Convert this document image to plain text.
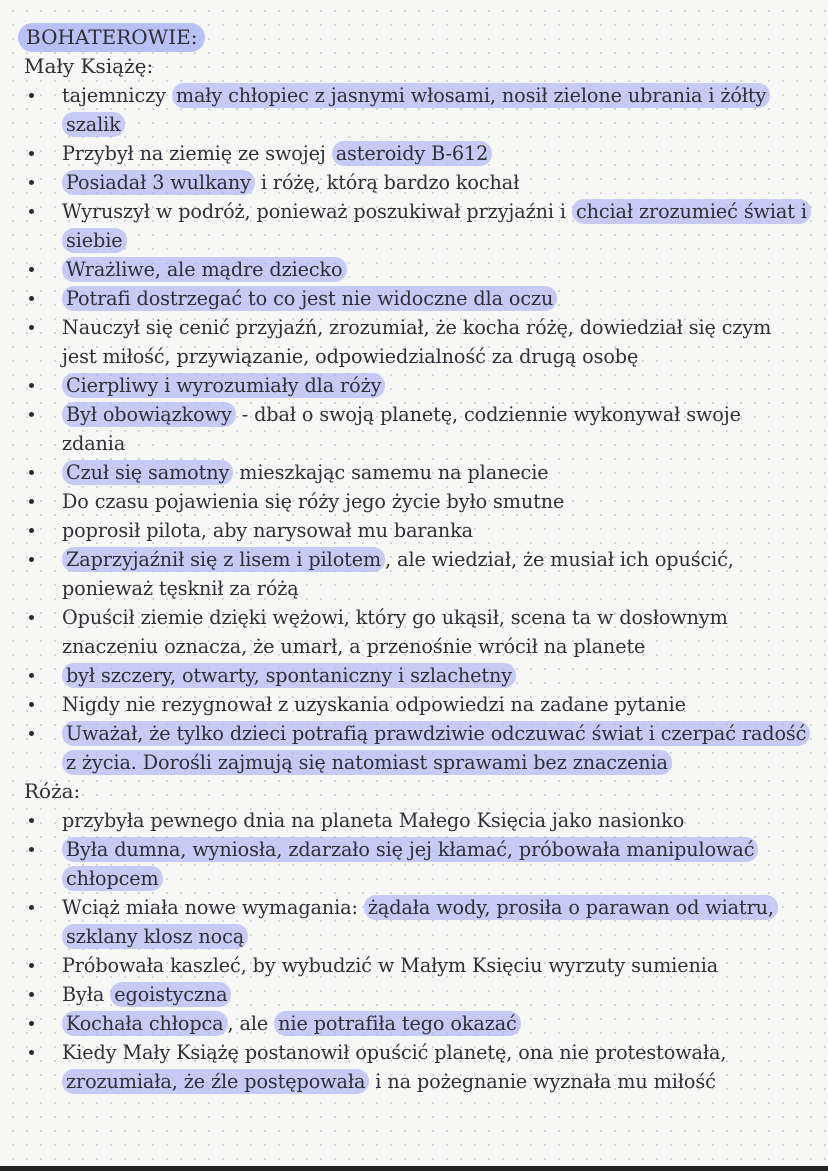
BOHATEROWIE:
Mały Książę:
tajemniczy mały chłopiec z jasnymi włosami, nosił zielone ubrania i żółty szalik
Przybył na ziemię ze swojej asteroidy B-612
Posiadał 3 wulkany i różę, którą bardzo kochał
Wyruszył w podróż, ponieważ poszukiwał przyjaźni i chciał zrozumieć świat i siebie
Wrażliwe, ale mądre dziecko
Potrafi dostrzegać to co jest nie widoczne dla oczu
Nauczył się cenić przyjaźń, zrozumiał, że kocha różę, dowiedział się czym jest miłość, przywiązanie, odpowiedzialność za drugą osobę
Cierpliwy i wyrozumiały dla róży
Był obowiązkowy - dbał o swoją planetę, codziennie wykonywał swoje zdania
Czuł się samotny mieszkając samemu na planecie
Do czasu pojawienia się róży jego życie było smutne
poprosił pilota, aby narysował mu baranka
Zaprzyjaźnił się z lisem i pilotem , ale wiedział, że musiał ich opuścić, ponieważ tęsknił za różą
Opuścił ziemie dzięki wężowi, który go ukąsił, scena ta w dosłownym znaczeniu oznacza, że umarł, a przenośnie wrócił na planete
był szczery, otwarty, spontaniczny i szlachetny
Nigdy nie rezygnował z uzyskania odpowiedzi na zadane pytanie
Uważał, że tylko dzieci potrafią prawdziwie odczuwać świat i czerpać radość z życia. Dorośli zajmują się natomiast sprawami bez znaczenia
Róża:
przybyła pewnego dnia na planeta Małego Księcia jako nasionko
Była dumna, wyniosła, zdarzało się jej kłamać, próbowała manipulować chłopcem
Wciąż miała nowe wymagania: żądała wody, prosiła o parawan od wiatru, szklany klosz nocą
Próbowała kaszleć, by wybudzić w Małym Księciu wyrzuty sumienia
Była egoistyczna
Kochała chłopca , ale nie potrafiła tego okazać
Kiedy Mały Książę postanowił opuścić planetę, ona nie protestowała, zrozumiała, że źle postępowała i na pożegnanie wyznała mu miłość
